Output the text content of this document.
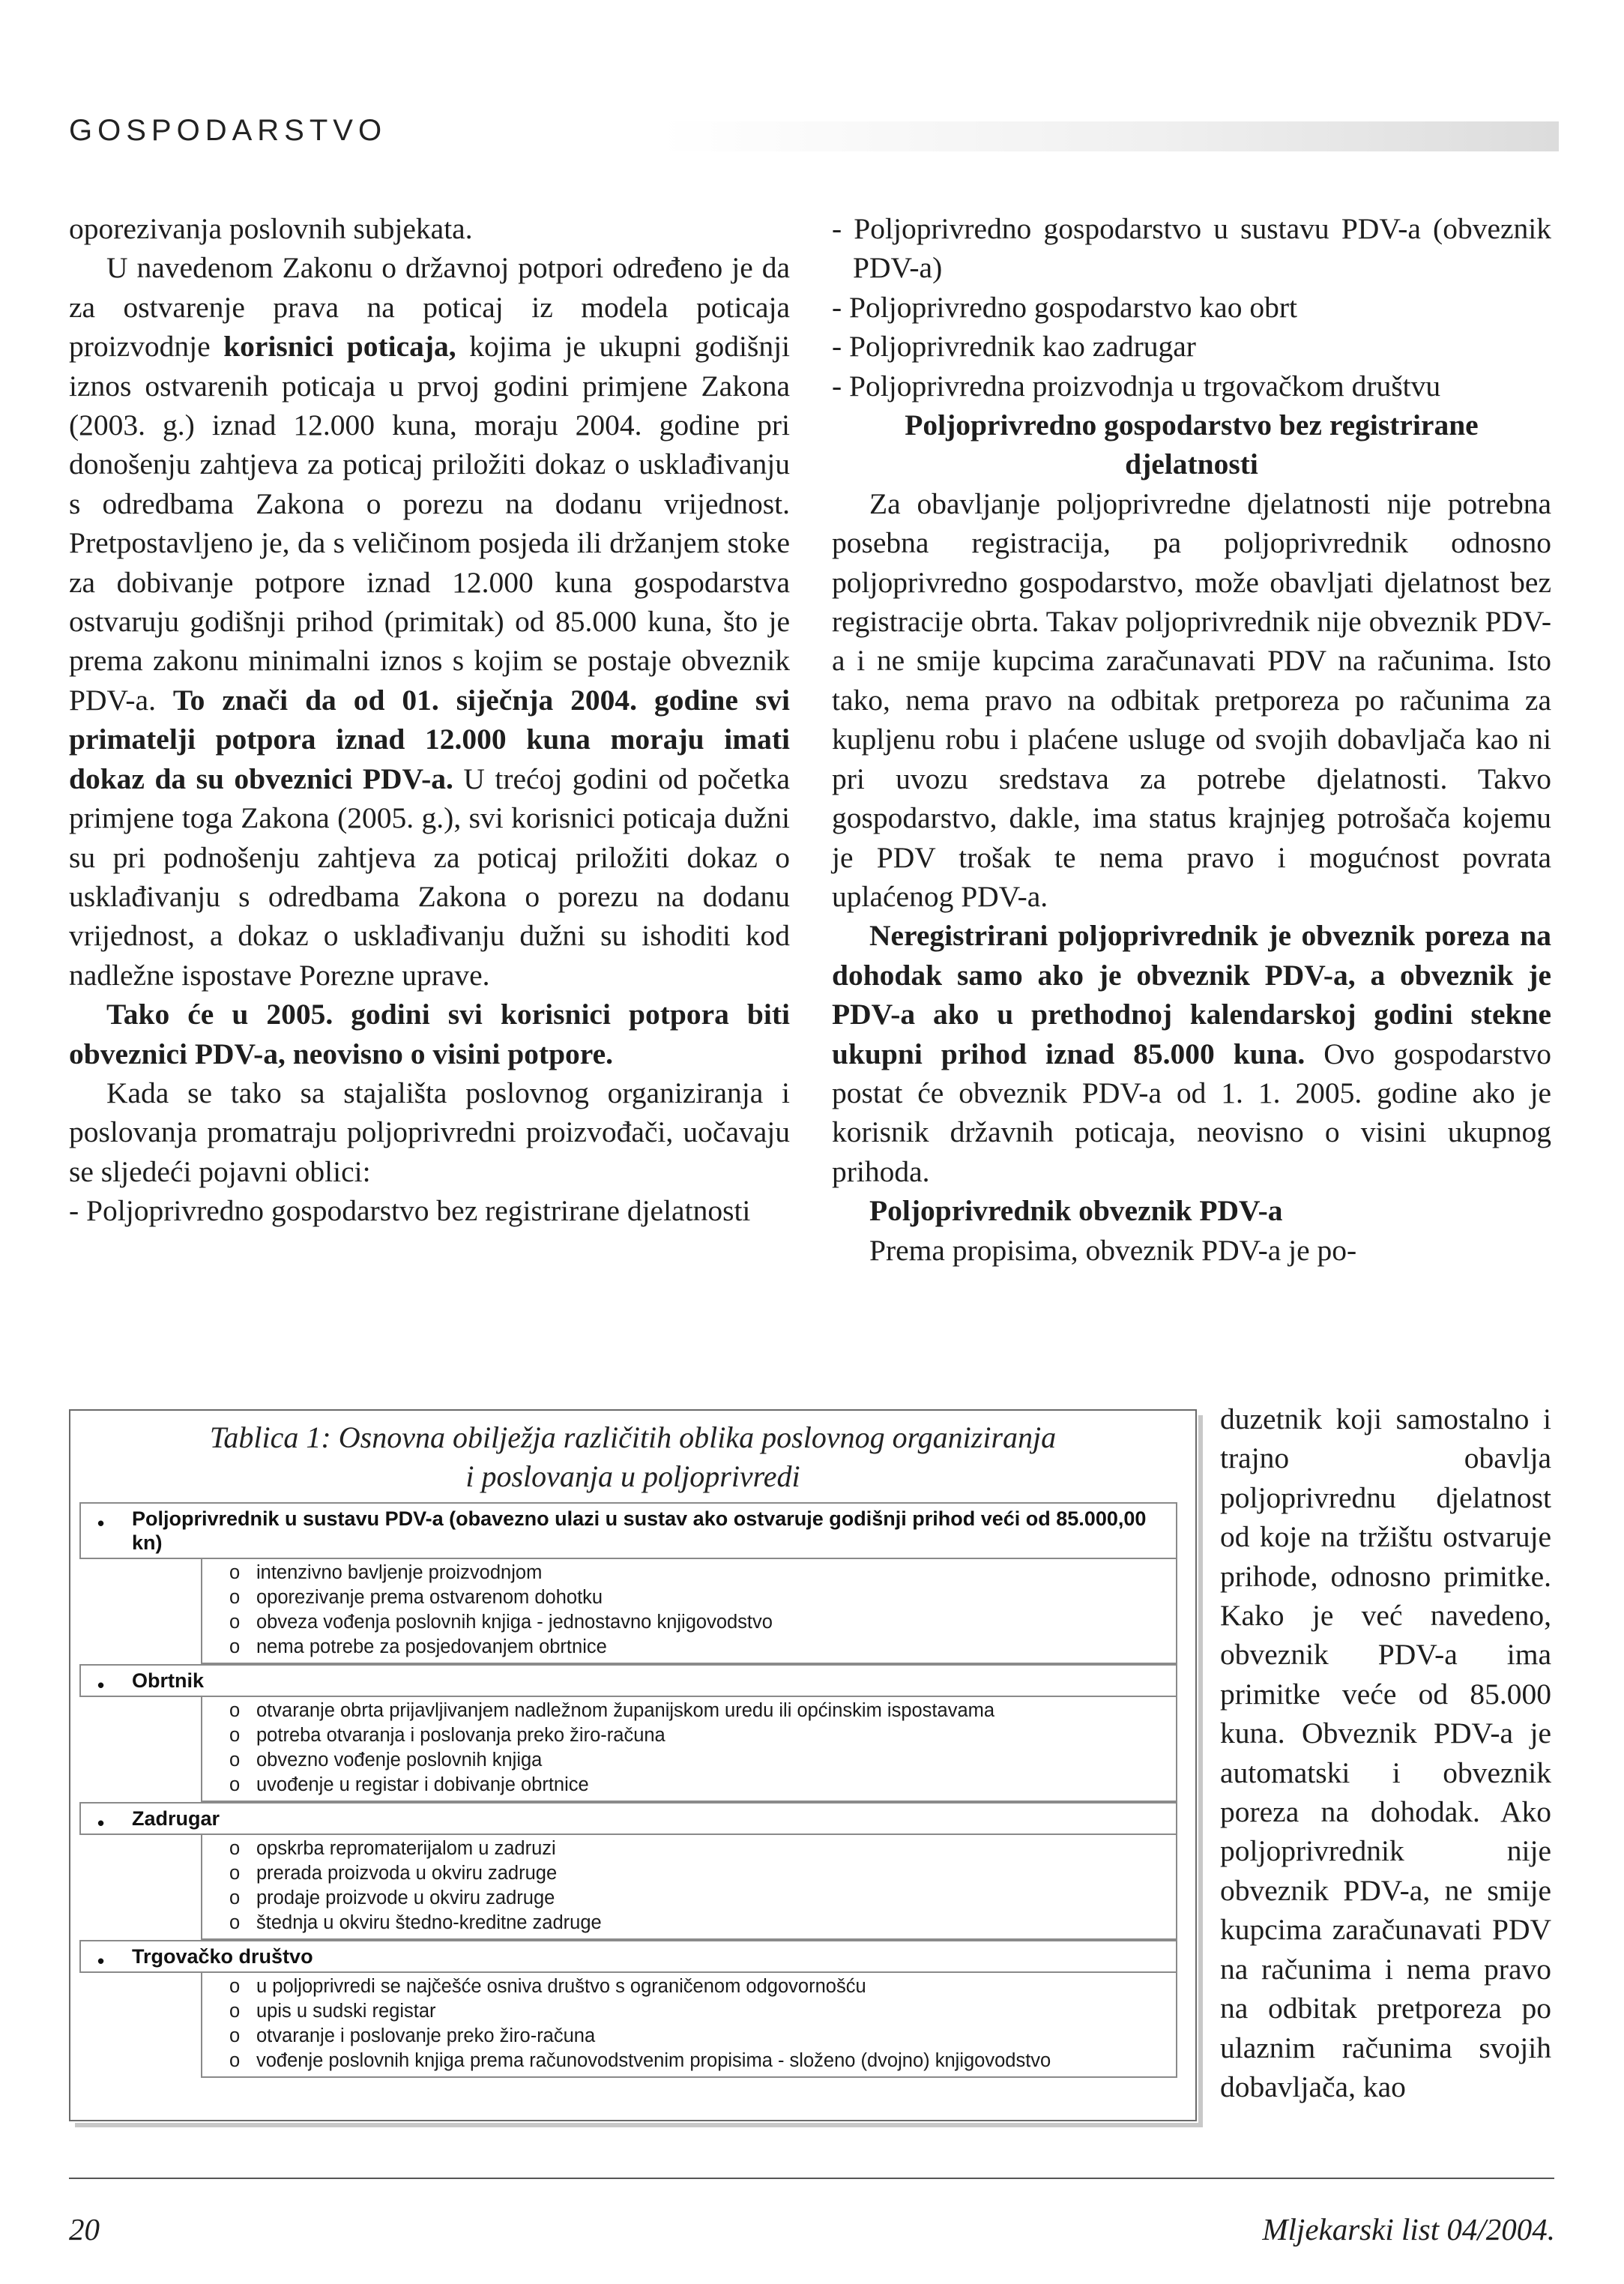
GOSPODARSTVO

oporezivanja poslovnih subjekata.

U navedenom Zakonu o državnoj potpori određeno je da za ostvarenje prava na poticaj iz modela poticaja proizvodnje korisnici poticaja, kojima je ukupni godišnji iznos ostvarenih poticaja u prvoj godini primjene Zakona (2003. g.) iznad 12.000 kuna, moraju 2004. godine pri donošenju zahtjeva za poticaj priložiti dokaz o usklađivanju s odredbama Zakona o porezu na dodanu vrijednost. Pretpostavljeno je, da s veličinom posjeda ili držanjem stoke za dobivanje potpore iznad 12.000 kuna gospodarstva ostvaruju godišnji prihod (primitak) od 85.000 kuna, što je prema zakonu minimalni iznos s kojim se postaje obveznik PDV-a. To znači da od 01. siječnja 2004. godine svi primatelji potpora iznad 12.000 kuna moraju imati dokaz da su obveznici PDV-a. U trećoj godini od početka primjene toga Zakona (2005. g.), svi korisnici poticaja dužni su pri podnošenju zahtjeva za poticaj priložiti dokaz o usklađivanju s odredbama Zakona o porezu na dodanu vrijednost, a dokaz o usklađivanju dužni su ishoditi kod nadležne ispostave Porezne uprave.

Tako će u 2005. godini svi korisnici potpora biti obveznici PDV-a, neovisno o visini potpore.

Kada se tako sa stajališta poslovnog organiziranja i poslovanja promatraju poljoprivredni proizvođači, uočavaju se sljedeći pojavni oblici:

- Poljoprivredno gospodarstvo bez registrirane djelatnosti

- Poljoprivredno gospodarstvo u sustavu PDV-a (obveznik PDV-a)

- Poljoprivredno gospodarstvo kao obrt

- Poljoprivrednik kao zadrugar

- Poljoprivredna proizvodnja u trgovačkom društvu

Poljoprivredno gospodarstvo bez registrirane djelatnosti

Za obavljanje poljoprivredne djelatnosti nije potrebna posebna registracija, pa poljoprivrednik odnosno poljoprivredno gospodarstvo, može obavljati djelatnost bez registracije obrta. Takav poljoprivrednik nije obveznik PDV-a i ne smije kupcima zaračunavati PDV na računima. Isto tako, nema pravo na odbitak pretporeza po računima za kupljenu robu i plaćene usluge od svojih dobavljača kao ni pri uvozu sredstava za potrebe djelatnosti. Takvo gospodarstvo, dakle, ima status krajnjeg potrošača kojemu je PDV trošak te nema pravo i mogućnost povrata uplaćenog PDV-a.

Neregistrirani poljoprivrednik je obveznik poreza na dohodak samo ako je obveznik PDV-a, a obveznik je PDV-a ako u prethodnoj kalendarskoj godini stekne ukupni prihod iznad 85.000 kuna. Ovo gospodarstvo postat će obveznik PDV-a od 1. 1. 2005. godine ako je korisnik državnih poticaja, neovisno o visini ukupnog prihoda.

Poljoprivrednik obveznik PDV-a

Prema propisima, obveznik PDV-a je po-

duzetnik koji samostalno i trajno obavlja poljoprivrednu djelatnost od koje na tržištu ostvaruje prihode, odnosno primitke. Kako je već navedeno, obveznik PDV-a ima primitke veće od 85.000 kuna. Obveznik PDV-a je automatski i obveznik poreza na dohodak. Ako poljoprivrednik nije obveznik PDV-a, ne smije kupcima zaračunavati PDV na računima i nema pravo na odbitak pretporeza po ulaznim računima svojih dobavljača, kao

Tablica 1: Osnovna obilježja različitih oblika poslovnog organiziranja
i poslovanja u poljoprivredi
• Poljoprivrednik u sustavu PDV-a (obavezno ulazi u sustav ako ostvaruje godišnji prihod veći od 85.000,00 kn)
o intenzivno bavljenje proizvodnjom
o oporezivanje prema ostvarenom dohotku
o obveza vođenja poslovnih knjiga - jednostavno knjigovodstvo
o nema potrebe za posjedovanjem obrtnice
• Obrtnik
o otvaranje obrta prijavljivanjem nadležnom županijskom uredu ili općinskim ispostavama
o potreba otvaranja i poslovanja preko žiro-računa
o obvezno vođenje poslovnih knjiga
o uvođenje u registar i dobivanje obrtnice
• Zadrugar
o opskrba repromaterijalom u zadruzi
o prerada proizvoda u okviru zadruge
o prodaje proizvode u okviru zadruge
o štednja u okviru štedno-kreditne zadruge
• Trgovačko društvo
o u poljoprivredi se najčešće osniva društvo s ograničenom odgovornošću
o upis u sudski registar
o otvaranje i poslovanje preko žiro-računa
o vođenje poslovnih knjiga prema računovodstvenim propisima - složeno (dvojno) knjigovodstvo
20	Mljekarski list 04/2004.
